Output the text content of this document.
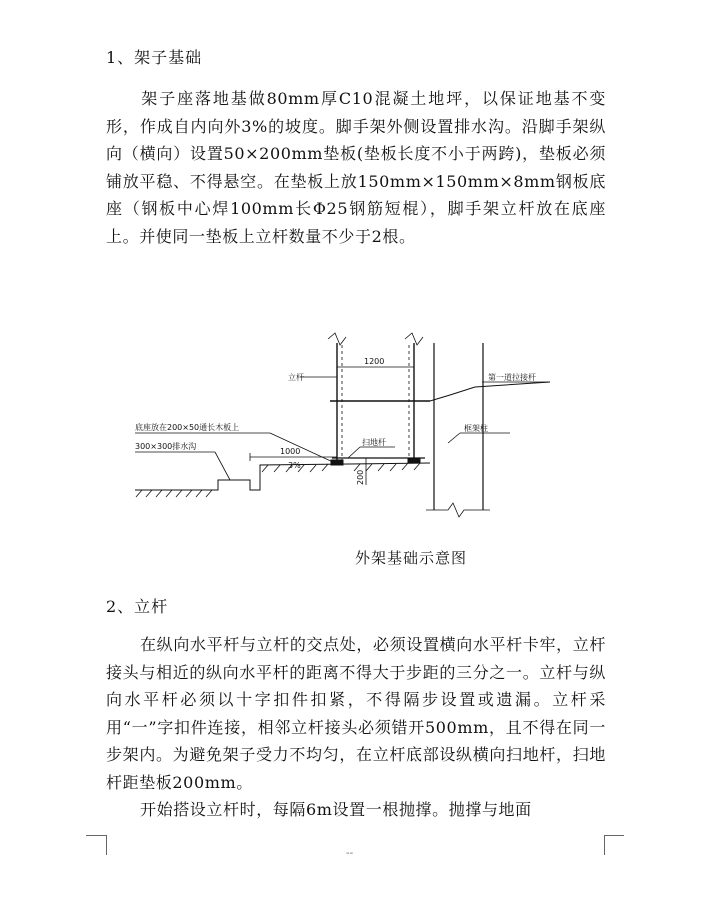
1、架子基础

架子座落地基做80mm厚C10混凝土地坪，以保证地基不变形，作成自内向外3%的坡度。脚手架外侧设置排水沟。沿脚手架纵向（横向）设置50×200mm垫板(垫板长度不小于两跨)，垫板必须铺放平稳、不得悬空。在垫板上放150mm×150mm×8mm钢板底座（钢板中心焊100mm长Φ25钢筋短棍），脚手架立杆放在底座上。并使同一垫板上立杆数量不少于2根。

立杆
1200
第一道拉接杆
底座放在200×50通长木板上
300×300排水沟	扫地杆
框架柱
1000
3%
200
外架基础示意图
2、立杆

在纵向水平杆与立杆的交点处，必须设置横向水平杆卡牢，立杆接头与相近的纵向水平杆的距离不得大于步距的三分之一。立杆与纵向水平杆必须以十字扣件扣紧，不得隔步设置或遗漏。立杆采用“一”字扣件连接，相邻立杆接头必须错开500mm，且不得在同一步架内。为避免架子受力不均匀，在立杆底部设纵横向扫地杆，扫地杆距垫板200mm。

开始搭设立杆时，每隔6m设置一根抛撑。抛撑与地面

--
